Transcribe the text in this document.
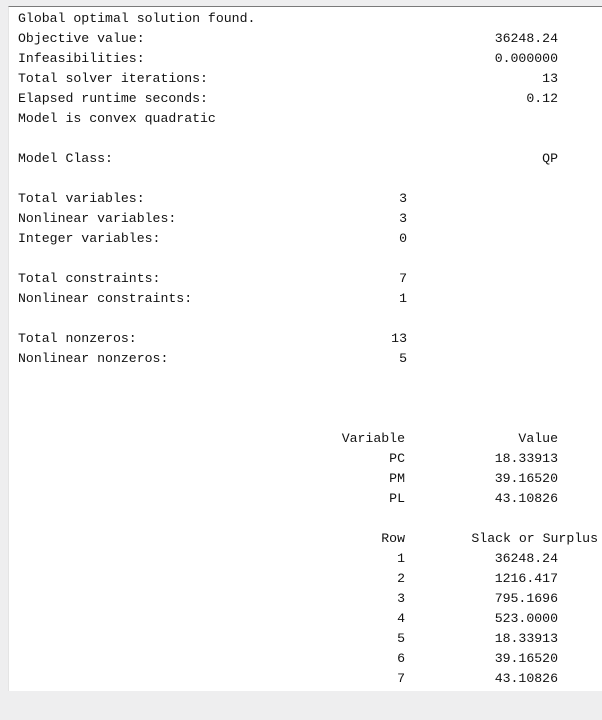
Global optimal solution found.
Objective value:	36248.24
Infeasibilities:	0.000000
Total solver iterations:	13
Elapsed runtime seconds:	0.12
Model is convex quadratic
Model Class:	QP
Total variables:	3
Nonlinear variables:	3
Integer variables:	0
Total constraints:	7
Nonlinear constraints:	1
Total nonzeros:	13
Nonlinear nonzeros:	5
Variable	Value
PC	18.33913
PM	39.16520
PL	43.10826
Row	Slack or Surplus
1	36248.24
2	1216.417
3	795.1696
4	523.0000
5	18.33913
6	39.16520
7	43.10826
